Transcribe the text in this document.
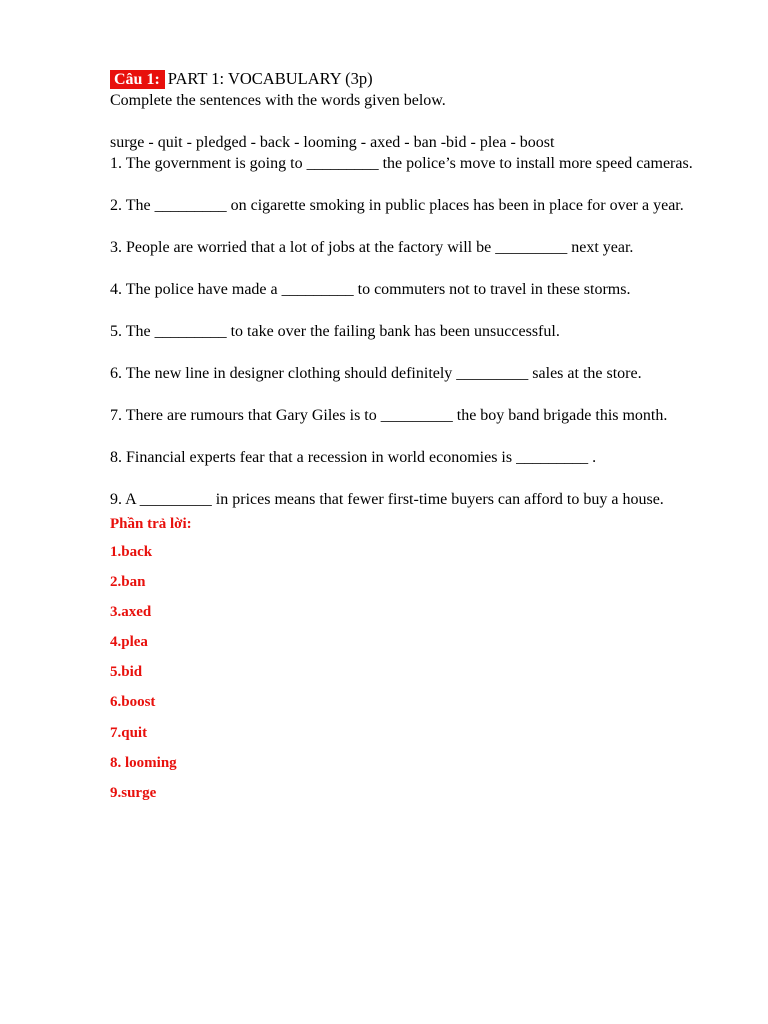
Câu 1: PART 1: VOCABULARY (3p)
Complete the sentences with the words given below.
surge - quit - pledged - back - looming - axed - ban -bid - plea - boost
1. The government is going to _________ the police’s move to install more speed cameras.
2. The _________ on cigarette smoking in public places has been in place for over a year.
3. People are worried that a lot of jobs at the factory will be _________ next year.
4. The police have made a _________ to commuters not to travel in these storms.
5. The _________ to take over the failing bank has been unsuccessful.
6. The new line in designer clothing should definitely _________ sales at the store.
7. There are rumours that Gary Giles is to _________ the boy band brigade this month.
8. Financial experts fear that a recession in world economies is _________ .
9. A _________ in prices means that fewer first-time buyers can afford to buy a house.
Phần trả lời:
1.back
2.ban
3.axed
4.plea
5.bid
6.boost
7.quit
8. looming
9.surge
